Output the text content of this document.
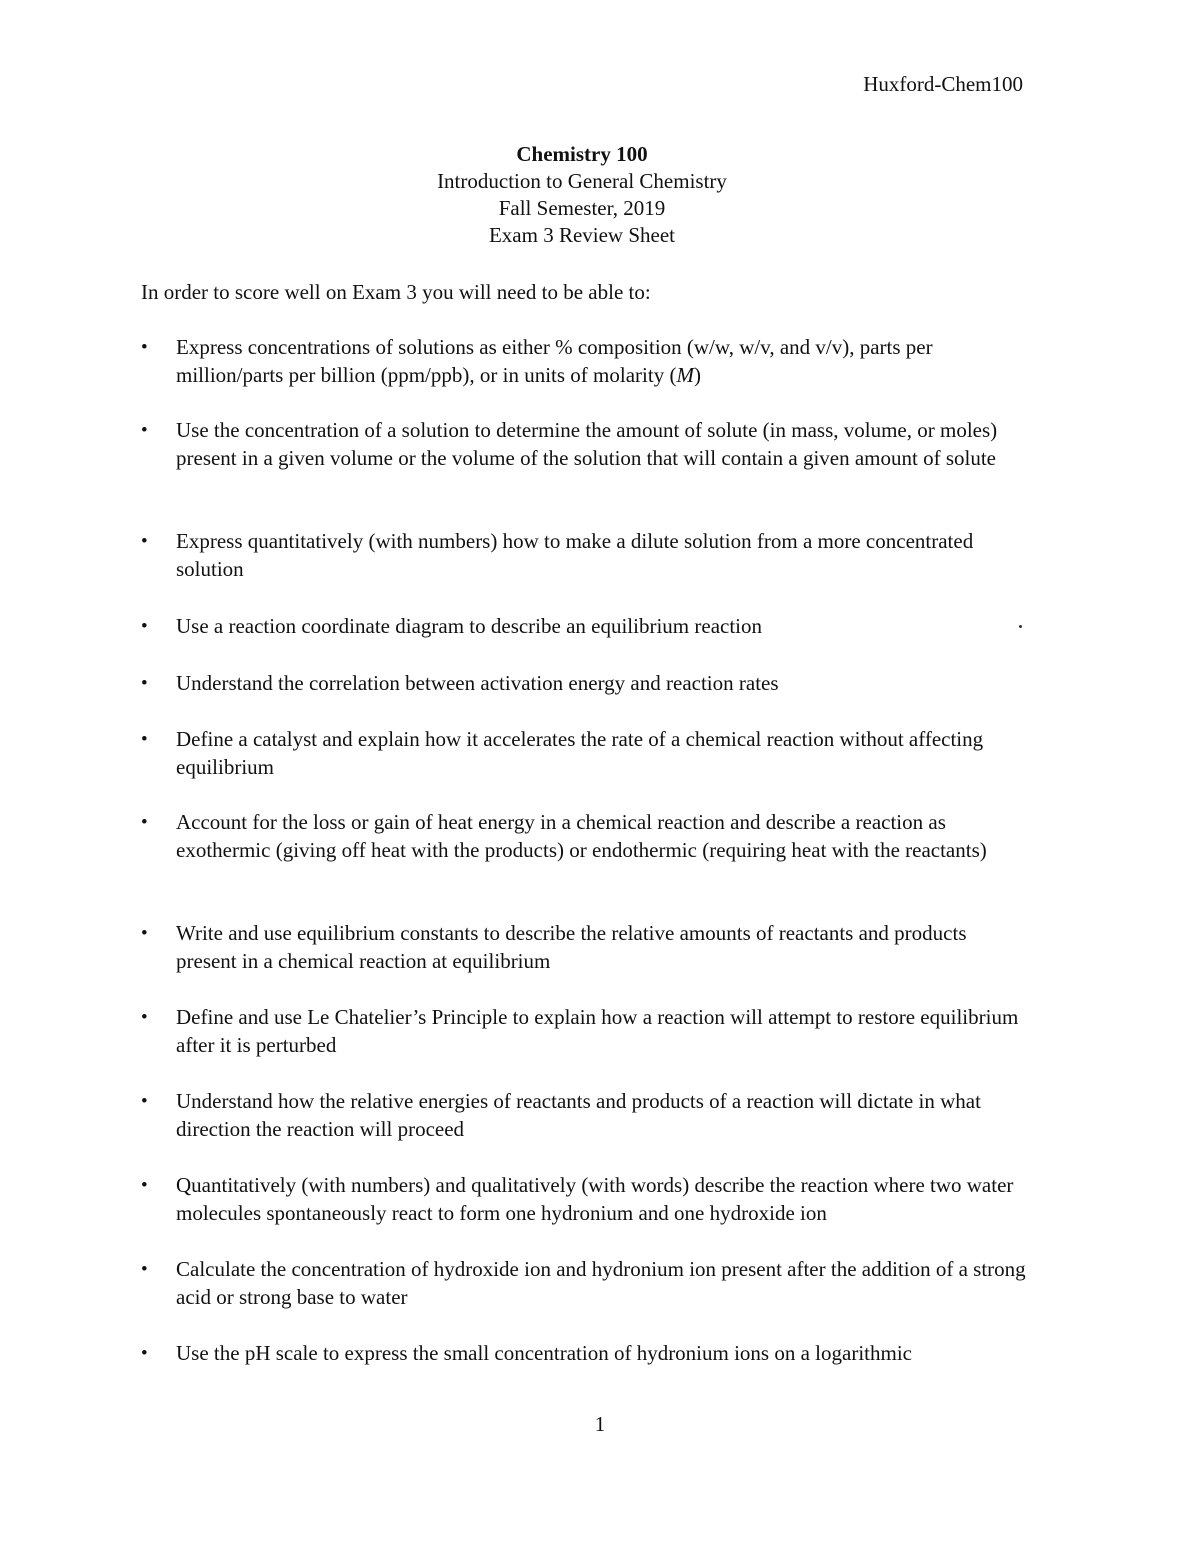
Huxford-Chem100
Chemistry 100
Introduction to General Chemistry
Fall Semester, 2019
Exam 3 Review Sheet
In order to score well on Exam 3 you will need to be able to:
•	Express concentrations of solutions as either % composition (w/w, w/v, and v/v), parts per million/parts per billion (ppm/ppb), or in units of molarity (M)
•	Use the concentration of a solution to determine the amount of solute (in mass, volume, or moles) present in a given volume or the volume of the solution that will contain a given amount of solute
•	Express quantitatively (with numbers) how to make a dilute solution from a more concentrated solution
•	Use a reaction coordinate diagram to describe an equilibrium reaction
•	Understand the correlation between activation energy and reaction rates
•	Define a catalyst and explain how it accelerates the rate of a chemical reaction without affecting equilibrium
•	Account for the loss or gain of heat energy in a chemical reaction and describe a reaction as exothermic (giving off heat with the products) or endothermic (requiring heat with the reactants)
•	Write and use equilibrium constants to describe the relative amounts of reactants and products present in a chemical reaction at equilibrium
•	Define and use Le Chatelier’s Principle to explain how a reaction will attempt to restore equilibrium after it is perturbed
•	Understand how the relative energies of reactants and products of a reaction will dictate in what direction the reaction will proceed
•	Quantitatively (with numbers) and qualitatively (with words) describe the reaction where two water molecules spontaneously react to form one hydronium and one hydroxide ion
•	Calculate the concentration of hydroxide ion and hydronium ion present after the addition of a strong acid or strong base to water
•	Use the pH scale to express the small concentration of hydronium ions on a logarithmic
1
